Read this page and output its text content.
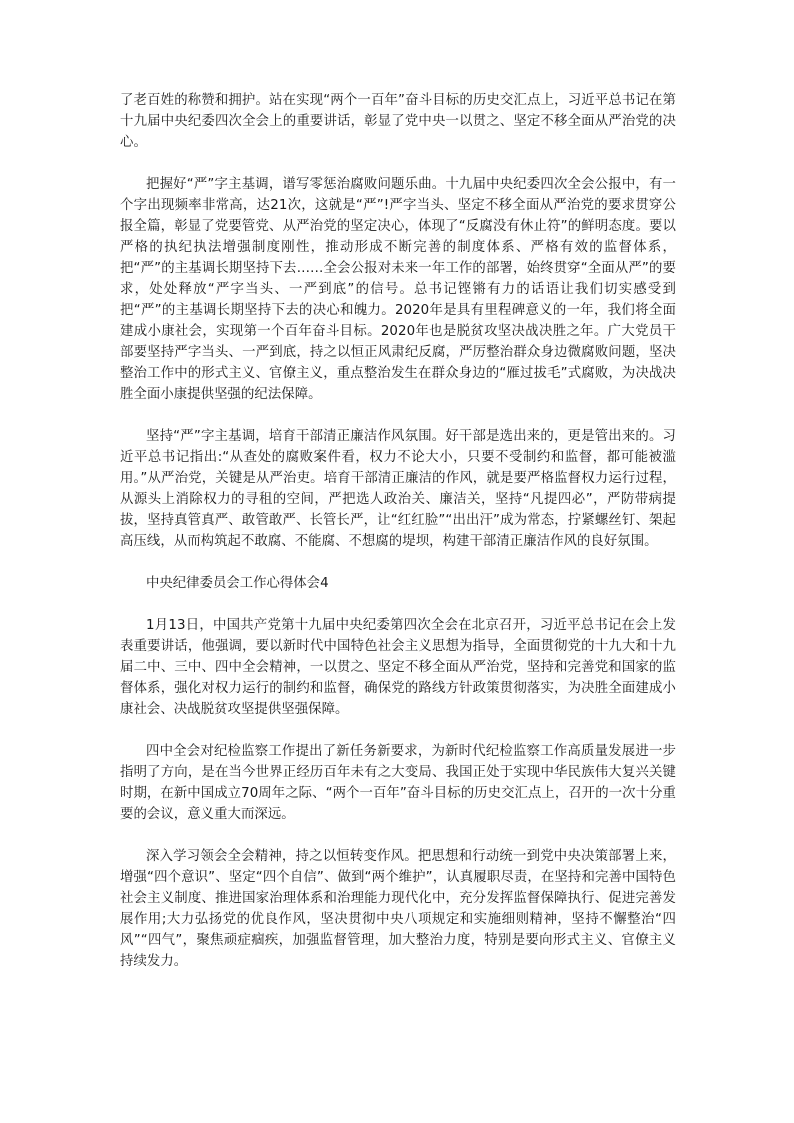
了老百姓的称赞和拥护。站在实现“两个一百年”奋斗目标的历史交汇点上，习近平总书记在第十九届中央纪委四次全会上的重要讲话，彰显了党中央一以贯之、坚定不移全面从严治党的决心。

把握好“严”字主基调，谱写零惩治腐败问题乐曲。十九届中央纪委四次全会公报中，有一个字出现频率非常高，达21次，这就是“严”!严字当头、坚定不移全面从严治党的要求贯穿公报全篇，彰显了党要管党、从严治党的坚定决心，体现了“反腐没有休止符”的鲜明态度。要以严格的执纪执法增强制度刚性，推动形成不断完善的制度体系、严格有效的监督体系，把“严”的主基调长期坚持下去……全会公报对未来一年工作的部署，始终贯穿“全面从严”的要求，处处释放“严字当头、一严到底”的信号。总书记铿锵有力的话语让我们切实感受到把“严”的主基调长期坚持下去的决心和魄力。2020年是具有里程碑意义的一年，我们将全面建成小康社会，实现第一个百年奋斗目标。2020年也是脱贫攻坚决战决胜之年。广大党员干部要坚持严字当头、一严到底，持之以恒正风肃纪反腐，严厉整治群众身边微腐败问题，坚决整治工作中的形式主义、官僚主义，重点整治发生在群众身边的“雁过拔毛”式腐败，为决战决胜全面小康提供坚强的纪法保障。

坚持“严”字主基调，培育干部清正廉洁作风氛围。好干部是选出来的，更是管出来的。习近平总书记指出:“从查处的腐败案件看，权力不论大小，只要不受制约和监督，都可能被滥用。”从严治党，关键是从严治吏。培育干部清正廉洁的作风，就是要严格监督权力运行过程，从源头上消除权力的寻租的空间，严把选人政治关、廉洁关，坚持“凡提四必”，严防带病提拔，坚持真管真严、敢管敢严、长管长严，让“红红脸”“出出汗”成为常态，拧紧螺丝钉、架起高压线，从而构筑起不敢腐、不能腐、不想腐的堤坝，构建干部清正廉洁作风的良好氛围。

中央纪律委员会工作心得体会4

1月13日，中国共产党第十九届中央纪委第四次全会在北京召开，习近平总书记在会上发表重要讲话，他强调，要以新时代中国特色社会主义思想为指导，全面贯彻党的十九大和十九届二中、三中、四中全会精神，一以贯之、坚定不移全面从严治党，坚持和完善党和国家的监督体系，强化对权力运行的制约和监督，确保党的路线方针政策贯彻落实，为决胜全面建成小康社会、决战脱贫攻坚提供坚强保障。

四中全会对纪检监察工作提出了新任务新要求，为新时代纪检监察工作高质量发展进一步指明了方向，是在当今世界正经历百年未有之大变局、我国正处于实现中华民族伟大复兴关键时期，在新中国成立70周年之际、“两个一百年”奋斗目标的历史交汇点上，召开的一次十分重要的会议，意义重大而深远。

深入学习领会全会精神，持之以恒转变作风。把思想和行动统一到党中央决策部署上来，增强“四个意识”、坚定“四个自信”、做到“两个维护”，认真履职尽责，在坚持和完善中国特色社会主义制度、推进国家治理体系和治理能力现代化中，充分发挥监督保障执行、促进完善发展作用;大力弘扬党的优良作风，坚决贯彻中央八项规定和实施细则精神，坚持不懈整治“四风”“四气”，聚焦顽症痼疾，加强监督管理，加大整治力度，特别是要向形式主义、官僚主义持续发力。
